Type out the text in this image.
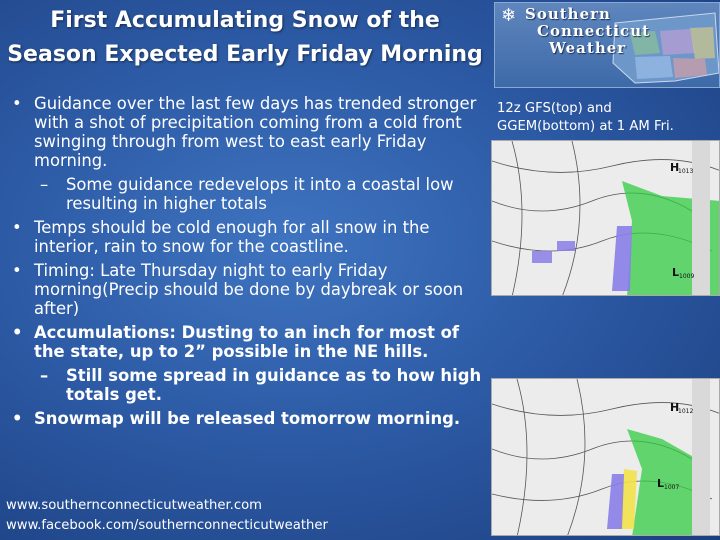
First Accumulating Snow of the
Season Expected Early Friday Morning
❄ Southern
Connecticut
Weather
• Guidance over the last few days has trended stronger with a shot of precipitation coming from a cold front swinging through from west to east early Friday morning.
– Some guidance redevelops it into a coastal low resulting in higher totals
• Temps should be cold enough for all snow in the interior, rain to snow for the coastline.
• Timing: Late Thursday night to early Friday morning(Precip should be done by daybreak or soon after)
• Accumulations: Dusting to an inch for most of the state, up to 2” possible in the NE hills.
– Still some spread in guidance as to how high totals get.
• Snowmap will be released tomorrow morning.
www.southernconnecticutweather.com
www.facebook.com/southernconnecticutweather
12z GFS(top) and
GGEM(bottom) at 1 AM Fri.
H
1013
L 1009
H
1012
L 1007
